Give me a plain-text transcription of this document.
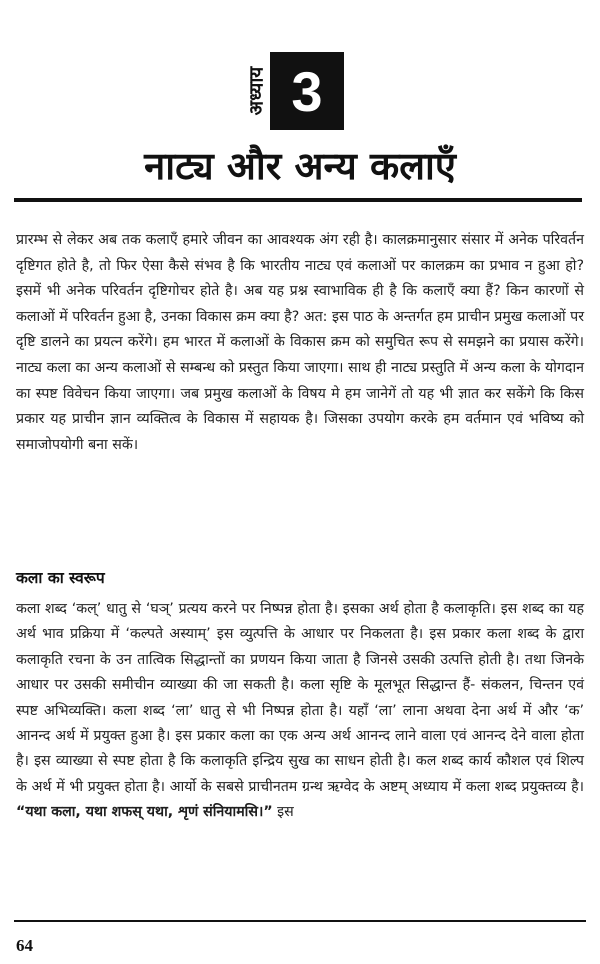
अध्याय 3
नाट्य और अन्य कलाएँ

प्रारम्भ से लेकर अब तक कलाएँ हमारे जीवन का आवश्यक अंग रही है। कालक्रमानुसार संसार में अनेक परिवर्तन दृष्टिगत होते है, तो फिर ऐसा कैसे संभव है कि भारतीय नाट्य एवं कलाओं पर कालक्रम का प्रभाव न हुआ हो? इसमें भी अनेक परिवर्तन दृष्टिगोचर होते है। अब यह प्रश्न स्वाभाविक ही है कि कलाएँ क्या हैं? किन कारणों से कलाओं में परिवर्तन हुआ है, उनका विकास क्रम क्या है? अत: इस पाठ के अन्तर्गत हम प्राचीन प्रमुख कलाओं पर दृष्टि डालने का प्रयत्न करेंगे। हम भारत में कलाओं के विकास क्रम को समुचित रूप से समझने का प्रयास करेंगे। नाट्य कला का अन्य कलाओं से सम्बन्ध को प्रस्तुत किया जाएगा। साथ ही नाट्य प्रस्तुति में अन्य कला के योगदान का स्पष्ट विवेचन किया जाएगा। जब प्रमुख कलाओं के विषय मे हम जानेगें तो यह भी ज्ञात कर सकेंगे कि किस प्रकार यह प्राचीन ज्ञान व्यक्तित्व के विकास में सहायक है। जिसका उपयोग करके हम वर्तमान एवं भविष्य को समाजोपयोगी बना सकें।

कला का स्वरूप

कला शब्द ‘कल्’ धातु से ‘घञ्’ प्रत्यय करने पर निष्पन्न होता है। इसका अर्थ होता है कलाकृति। इस शब्द का यह अर्थ भाव प्रक्रिया में ‘कल्पते अस्याम्’ इस व्युत्पत्ति के आधार पर निकलता है। इस प्रकार कला शब्द के द्वारा कलाकृति रचना के उन तात्विक सिद्धान्तों का प्रणयन किया जाता है जिनसे उसकी उत्पत्ति होती है। तथा जिनके आधार पर उसकी समीचीन व्याख्या की जा सकती है। कला सृष्टि के मूलभूत सिद्धान्त हैं- संकलन, चिन्तन एवं स्पष्ट अभिव्यक्ति। कला शब्द ‘ला’ धातु से भी निष्पन्न होता है। यहाँ ‘ला’ लाना अथवा देना अर्थ में और ‘क’ आनन्द अर्थ में प्रयुक्त हुआ है। इस प्रकार कला का एक अन्य अर्थ आनन्द लाने वाला एवं आनन्द देने वाला होता है। इस व्याख्या से स्पष्ट होता है कि कलाकृति इन्द्रिय सुख का साधन होती है। कल शब्द कार्य कौशल एवं शिल्प के अर्थ में भी प्रयुक्त होता है। आर्यो के सबसे प्राचीनतम ग्रन्थ ऋग्वेद के अष्टम् अध्याय में कला शब्द प्रयुक्तव्य है। “यथा कला, यथा शफस् यथा, शृणं संनियामसि।” इस

64
